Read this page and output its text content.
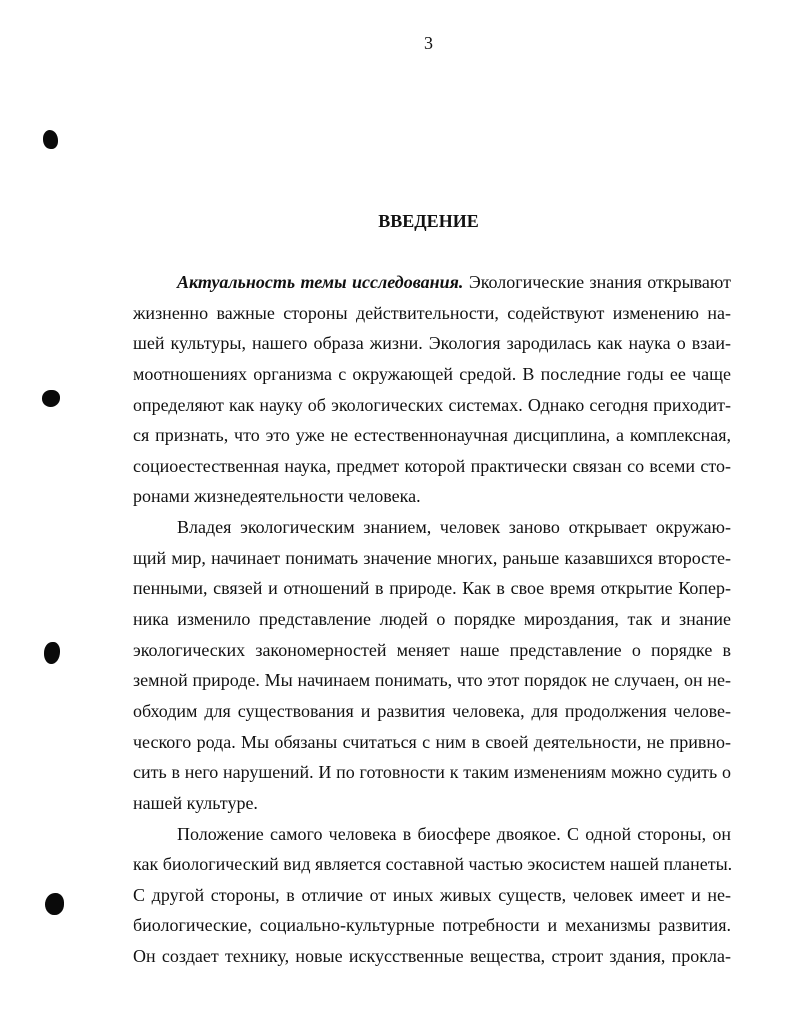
3
ВВЕДЕНИЕ
Актуальность темы исследования. Экологические знания открывают
жизненно важные стороны действительности, содействуют изменению на-
шей культуры, нашего образа жизни. Экология зародилась как наука о взаи-
моотношениях организма с окружающей средой. В последние годы ее чаще
определяют как науку об экологических системах. Однако сегодня приходит-
ся признать, что это уже не естественнонаучная дисциплина, а комплексная,
социоестественная наука, предмет которой практически связан со всеми сто-
ронами жизнедеятельности человека.
Владея экологическим знанием, человек заново открывает окружаю-
щий мир, начинает понимать значение многих, раньше казавшихся второсте-
пенными, связей и отношений в природе. Как в свое время открытие Копер-
ника изменило представление людей о порядке мироздания, так и знание
экологических закономерностей меняет наше представление о порядке в
земной природе. Мы начинаем понимать, что этот порядок не случаен, он не-
обходим для существования и развития человека, для продолжения челове-
ческого рода. Мы обязаны считаться с ним в своей деятельности, не привно-
сить в него нарушений. И по готовности к таким изменениям можно судить о
нашей культуре.
Положение самого человека в биосфере двоякое. С одной стороны, он
как биологический вид является составной частью экосистем нашей планеты.
С другой стороны, в отличие от иных живых существ, человек имеет и не-
биологические, социально-культурные потребности и механизмы развития.
Он создает технику, новые искусственные вещества, строит здания, прокла-
